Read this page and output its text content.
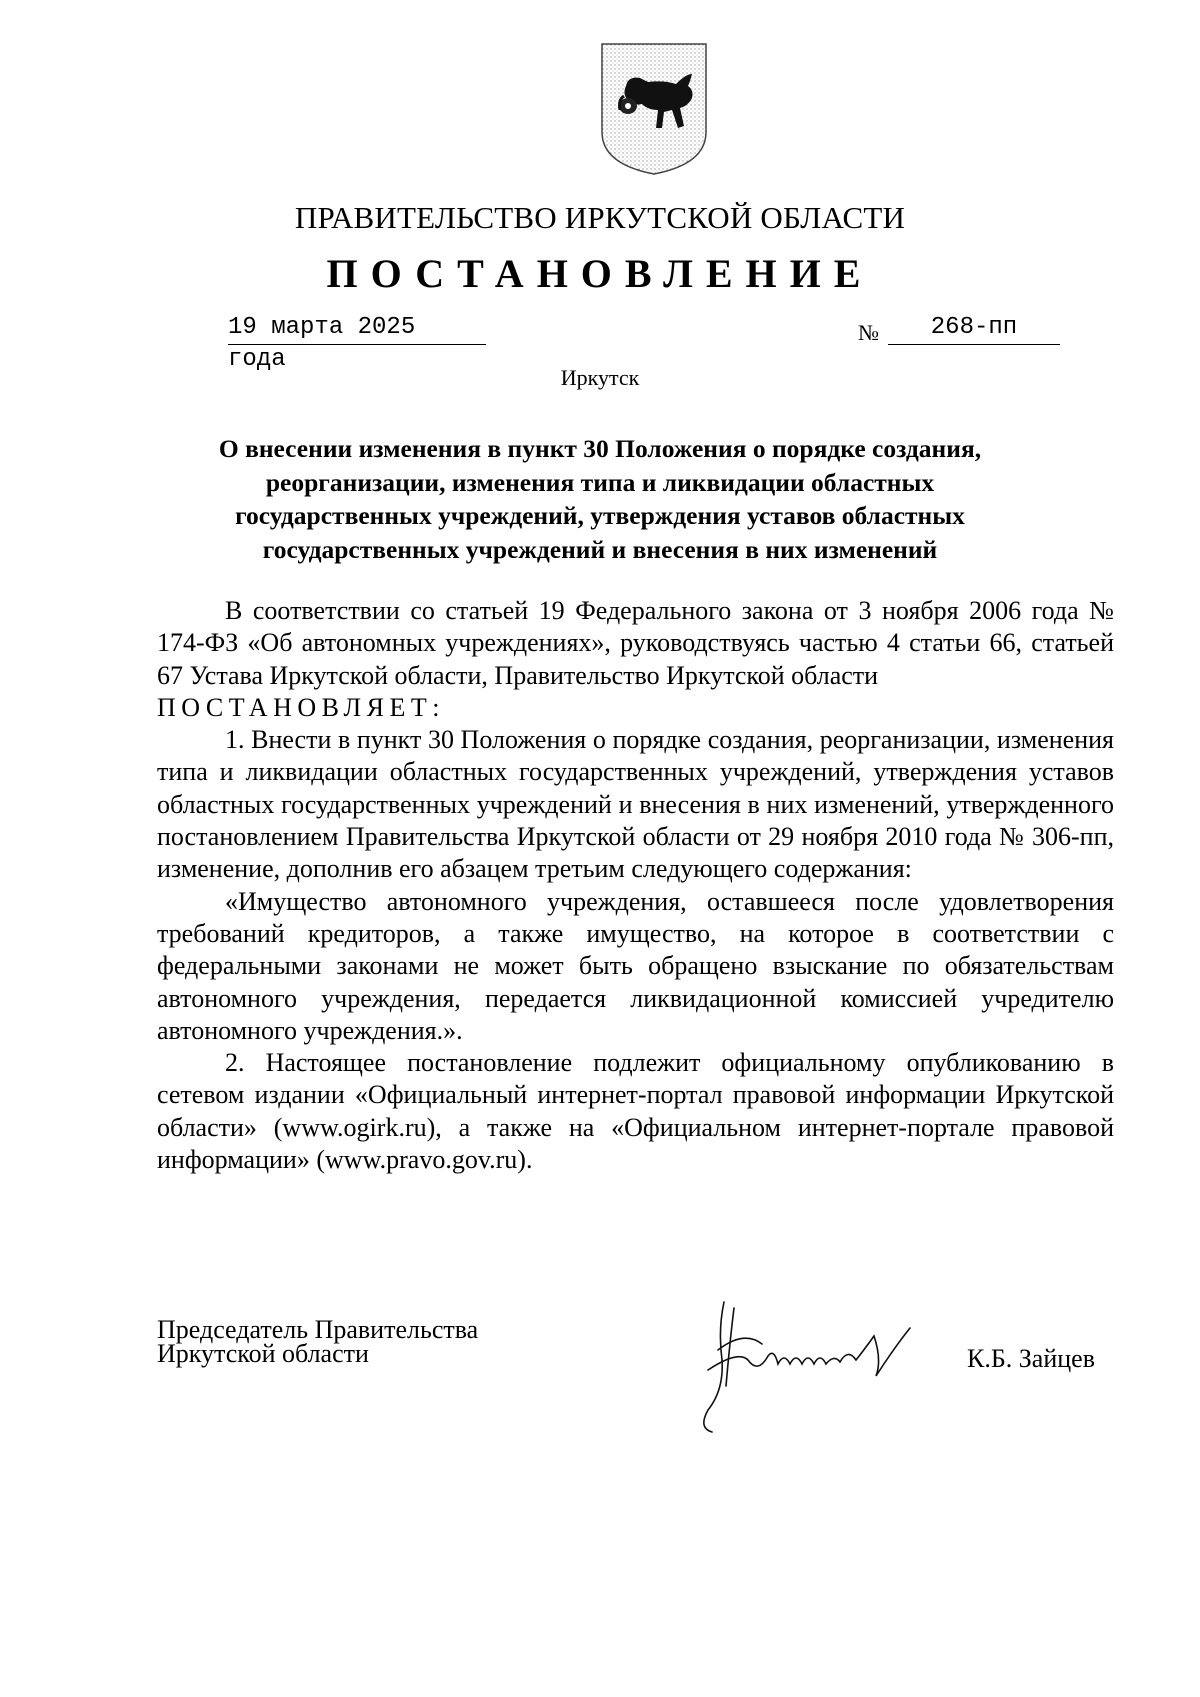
ПРАВИТЕЛЬСТВО ИРКУТСКОЙ ОБЛАСТИ
ПОСТАНОВЛЕНИЕ
19 марта 2025 года
№	268-пп
Иркутск
О внесении изменения в пункт 30 Положения о порядке создания,
реорганизации, изменения типа и ликвидации областных
государственных учреждений, утверждения уставов областных
государственных учреждений и внесения в них изменений

В соответствии со статьей 19 Федерального закона от 3 ноября 2006 года № 174-ФЗ «Об автономных учреждениях», руководствуясь частью 4 статьи 66, статьей 67 Устава Иркутской области, Правительство Иркутской области

ПОСТАНОВЛЯЕТ:

1. Внести в пункт 30 Положения о порядке создания, реорганизации, изменения типа и ликвидации областных государственных учреждений, утверждения уставов областных государственных учреждений и внесения в них изменений, утвержденного постановлением Правительства Иркутской области от 29 ноября 2010 года № 306-пп, изменение, дополнив его абзацем третьим следующего содержания:

«Имущество автономного учреждения, оставшееся после удовлетворения требований кредиторов, а также имущество, на которое в соответствии с федеральными законами не может быть обращено взыскание по обязательствам автономного учреждения, передается ликвидационной комиссией учредителю автономного учреждения.».

2. Настоящее постановление подлежит официальному опубликованию в сетевом издании «Официальный интернет-портал правовой информации Иркутской области» (www.ogirk.ru), а также на «Официальном интернет-портале правовой информации» (www.pravo.gov.ru).

Председатель Правительства
Иркутской области	К.Б. Зайцев
